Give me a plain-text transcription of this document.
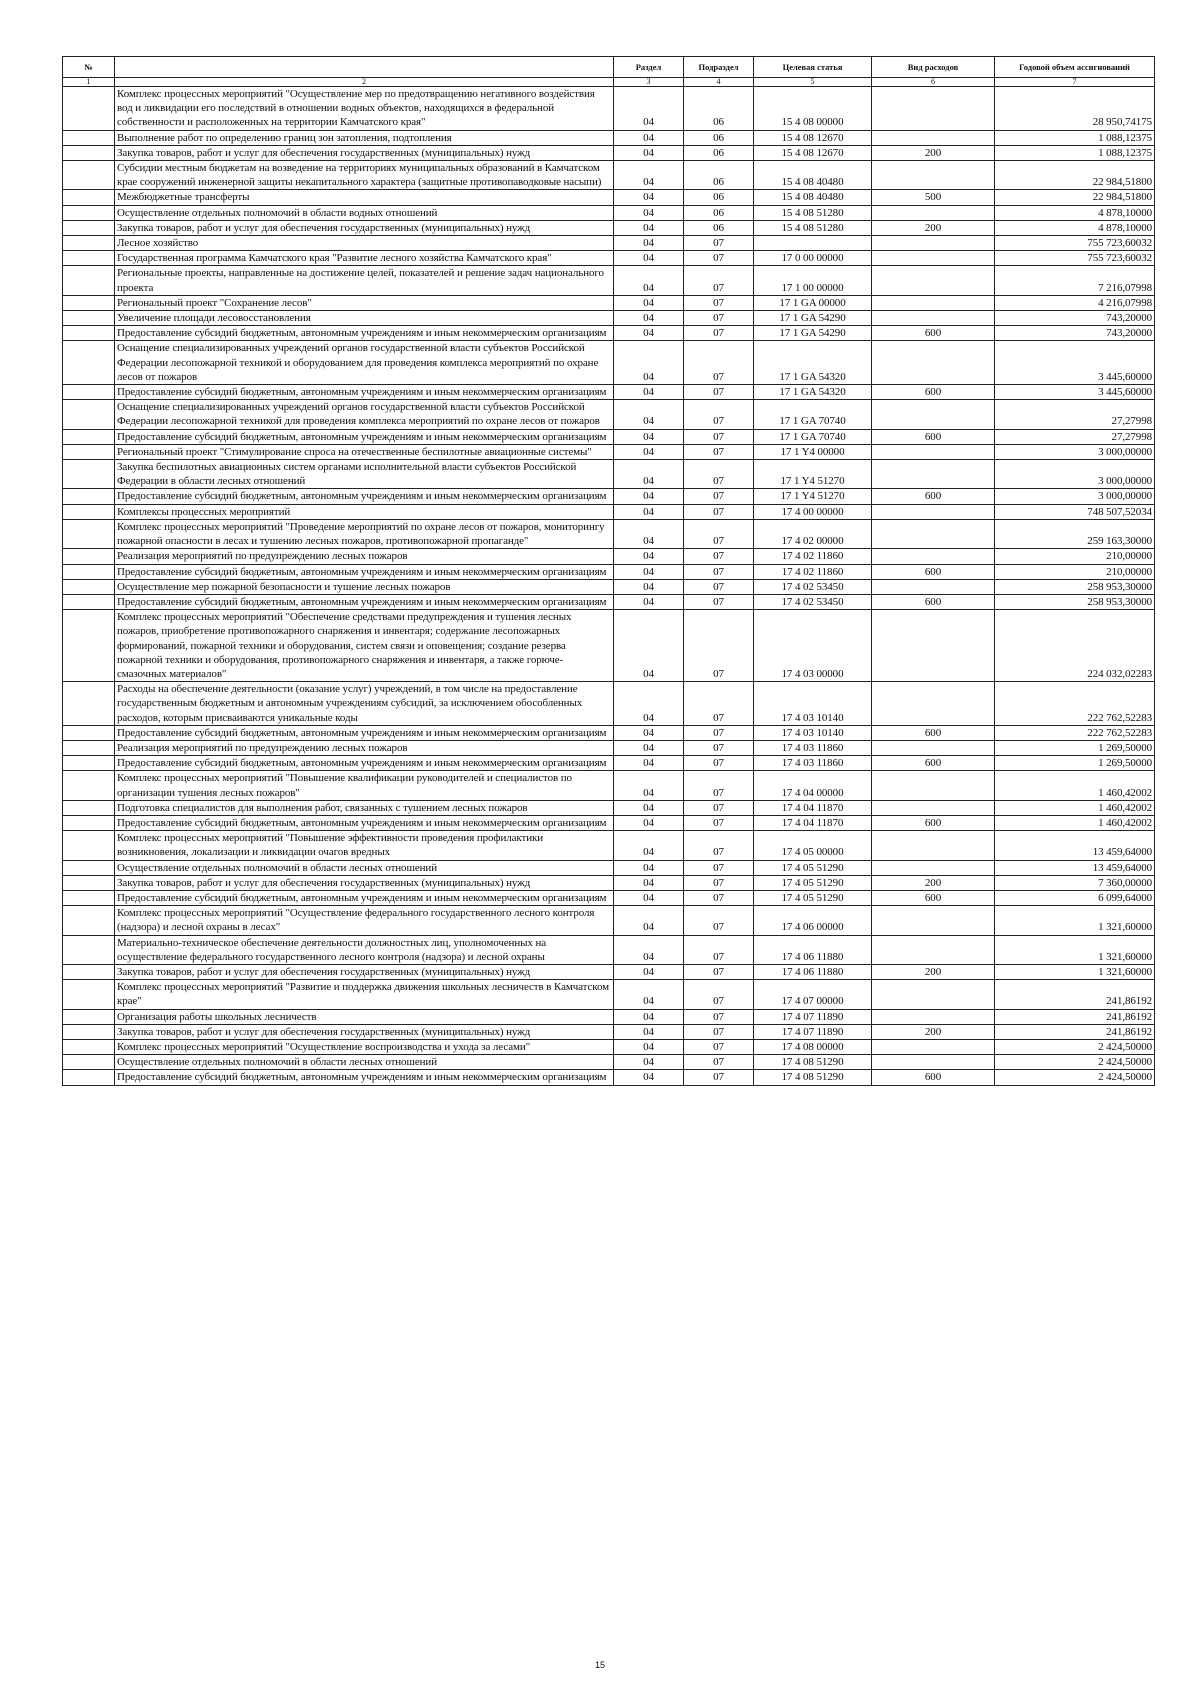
№		Раздел	Подраздел	Целевая статья	Вид расходов	Годовой объем ассигнований
1	2	3	4	5	6	7
	Комплекс процессных мероприятий "Осуществление мер по предотвращению негативного воздействия вод и ликвидации его последствий в отношении водных объектов, находящихся в федеральной собственности и расположенных на территории Камчатского края"	04	06	15 4 08 00000		28 950,74175
	Выполнение работ по определению границ зон затопления, подтопления	04	06	15 4 08 12670		1 088,12375
	Закупка товаров, работ и услуг для обеспечения государственных (муниципальных) нужд	04	06	15 4 08 12670	200	1 088,12375
	Субсидии местным бюджетам на возведение на территориях муниципальных образований в Камчатском крае сооружений инженерной защиты некапитального характера (защитные противопаводковые насыпи)	04	06	15 4 08 40480		22 984,51800
	Межбюджетные трансферты	04	06	15 4 08 40480	500	22 984,51800
	Осуществление отдельных полномочий в области водных отношений	04	06	15 4 08 51280		4 878,10000
	Закупка товаров, работ и услуг для обеспечения государственных (муниципальных) нужд	04	06	15 4 08 51280	200	4 878,10000
	Лесное хозяйство	04	07			755 723,60032
	Государственная программа Камчатского края "Развитие лесного хозяйства Камчатского края"	04	07	17 0 00 00000		755 723,60032
	Региональные проекты, направленные на достижение целей, показателей и решение задач национального проекта	04	07	17 1 00 00000		7 216,07998
	Региональный проект "Сохранение лесов"	04	07	17 1 GA 00000		4 216,07998
	Увеличение площади лесовосстановления	04	07	17 1 GA 54290		743,20000
	Предоставление субсидий бюджетным, автономным учреждениям и иным некоммерческим организациям	04	07	17 1 GA 54290	600	743,20000
	Оснащение специализированных учреждений органов государственной власти субъектов Российской Федерации лесопожарной техникой и оборудованием для проведения комплекса мероприятий по охране лесов от пожаров	04	07	17 1 GA 54320		3 445,60000
	Предоставление субсидий бюджетным, автономным учреждениям и иным некоммерческим организациям	04	07	17 1 GA 54320	600	3 445,60000
	Оснащение специализированных учреждений органов государственной власти субъектов Российской Федерации лесопожарной техникой для проведения комплекса мероприятий по охране лесов от пожаров	04	07	17 1 GA 70740		27,27998
	Предоставление субсидий бюджетным, автономным учреждениям и иным некоммерческим организациям	04	07	17 1 GA 70740	600	27,27998
	Региональный проект "Стимулирование спроса на отечественные беспилотные авиационные системы"	04	07	17 1 Y4 00000		3 000,00000
	Закупка беспилотных авиационных систем органами исполнительной власти субъектов Российской Федерации в области лесных отношений	04	07	17 1 Y4 51270		3 000,00000
	Предоставление субсидий бюджетным, автономным учреждениям и иным некоммерческим организациям	04	07	17 1 Y4 51270	600	3 000,00000
	Комплексы процессных мероприятий	04	07	17 4 00 00000		748 507,52034
	Комплекс процессных мероприятий "Проведение мероприятий по охране лесов от пожаров, мониторингу пожарной опасности в лесах и тушению лесных пожаров, противопожарной пропаганде"	04	07	17 4 02 00000		259 163,30000
	Реализация мероприятий по предупреждению лесных пожаров	04	07	17 4 02 11860		210,00000
	Предоставление субсидий бюджетным, автономным учреждениям и иным некоммерческим организациям	04	07	17 4 02 11860	600	210,00000
	Осуществление мер пожарной безопасности и тушение лесных пожаров	04	07	17 4 02 53450		258 953,30000
	Предоставление субсидий бюджетным, автономным учреждениям и иным некоммерческим организациям	04	07	17 4 02 53450	600	258 953,30000
	Комплекс процессных мероприятий "Обеспечение средствами предупреждения и тушения лесных пожаров, приобретение противопожарного снаряжения и инвентаря; содержание лесопожарных формирований, пожарной техники и оборудования, систем связи и оповещения; создание резерва пожарной техники и оборудования, противопожарного снаряжения и инвентаря, а также горюче-смазочных материалов"	04	07	17 4 03 00000		224 032,02283
	Расходы на обеспечение деятельности (оказание услуг) учреждений, в том числе на предоставление государственным бюджетным и автономным учреждениям субсидий, за исключением обособленных расходов, которым присваиваются уникальные коды	04	07	17 4 03 10140		222 762,52283
	Предоставление субсидий бюджетным, автономным учреждениям и иным некоммерческим организациям	04	07	17 4 03 10140	600	222 762,52283
	Реализация мероприятий по предупреждению лесных пожаров	04	07	17 4 03 11860		1 269,50000
	Предоставление субсидий бюджетным, автономным учреждениям и иным некоммерческим организациям	04	07	17 4 03 11860	600	1 269,50000
	Комплекс процессных мероприятий "Повышение квалификации руководителей и специалистов по организации тушения лесных пожаров"	04	07	17 4 04 00000		1 460,42002
	Подготовка специалистов для выполнения работ, связанных с тушением лесных пожаров	04	07	17 4 04 11870		1 460,42002
	Предоставление субсидий бюджетным, автономным учреждениям и иным некоммерческим организациям	04	07	17 4 04 11870	600	1 460,42002
	Комплекс процессных мероприятий "Повышение эффективности проведения профилактики возникновения, локализации и ликвидации очагов вредных	04	07	17 4 05 00000		13 459,64000
	Осуществление отдельных полномочий в области лесных отношений	04	07	17 4 05 51290		13 459,64000
	Закупка товаров, работ и услуг для обеспечения государственных (муниципальных) нужд	04	07	17 4 05 51290	200	7 360,00000
	Предоставление субсидий бюджетным, автономным учреждениям и иным некоммерческим организациям	04	07	17 4 05 51290	600	6 099,64000
	Комплекс процессных мероприятий "Осуществление федерального государственного лесного контроля (надзора) и лесной охраны в лесах"	04	07	17 4 06 00000		1 321,60000
	Материально-техническое обеспечение деятельности должностных лиц, уполномоченных на осуществление федерального государственного лесного контроля (надзора) и лесной охраны	04	07	17 4 06 11880		1 321,60000
	Закупка товаров, работ и услуг для обеспечения государственных (муниципальных) нужд	04	07	17 4 06 11880	200	1 321,60000
	Комплекс процессных мероприятий "Развитие и поддержка движения школьных лесничеств в Камчатском крае"	04	07	17 4 07 00000		241,86192
	Организация работы школьных лесничеств	04	07	17 4 07 11890		241,86192
	Закупка товаров, работ и услуг для обеспечения государственных (муниципальных) нужд	04	07	17 4 07 11890	200	241,86192
	Комплекс процессных мероприятий "Осуществление воспроизводства и ухода за лесами"	04	07	17 4 08 00000		2 424,50000
	Осуществление отдельных полномочий в области лесных отношений	04	07	17 4 08 51290		2 424,50000
	Предоставление субсидий бюджетным, автономным учреждениям и иным некоммерческим организациям	04	07	17 4 08 51290	600	2 424,50000
15
